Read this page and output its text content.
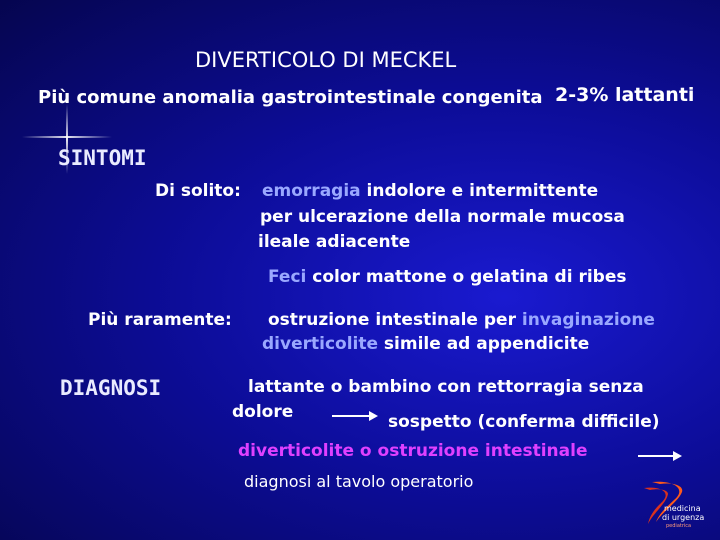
DIVERTICOLO DI MECKEL
Più comune anomalia gastrointestinale congenita 2-3% lattanti
SINTOMI
Di solito: emorragia indolore e intermittente
per ulcerazione della normale mucosa
ileale adiacente
Feci color mattone o gelatina di ribes
Più raramente: ostruzione intestinale per invaginazione
diverticolite simile ad appendicite
DIAGNOSI	lattante o bambino con rettorragia senza
dolore	sospetto (conferma difficile)
diverticolite o ostruzione intestinale
diagnosi al tavolo operatorio
medicina
di urgenza
pediatrica
